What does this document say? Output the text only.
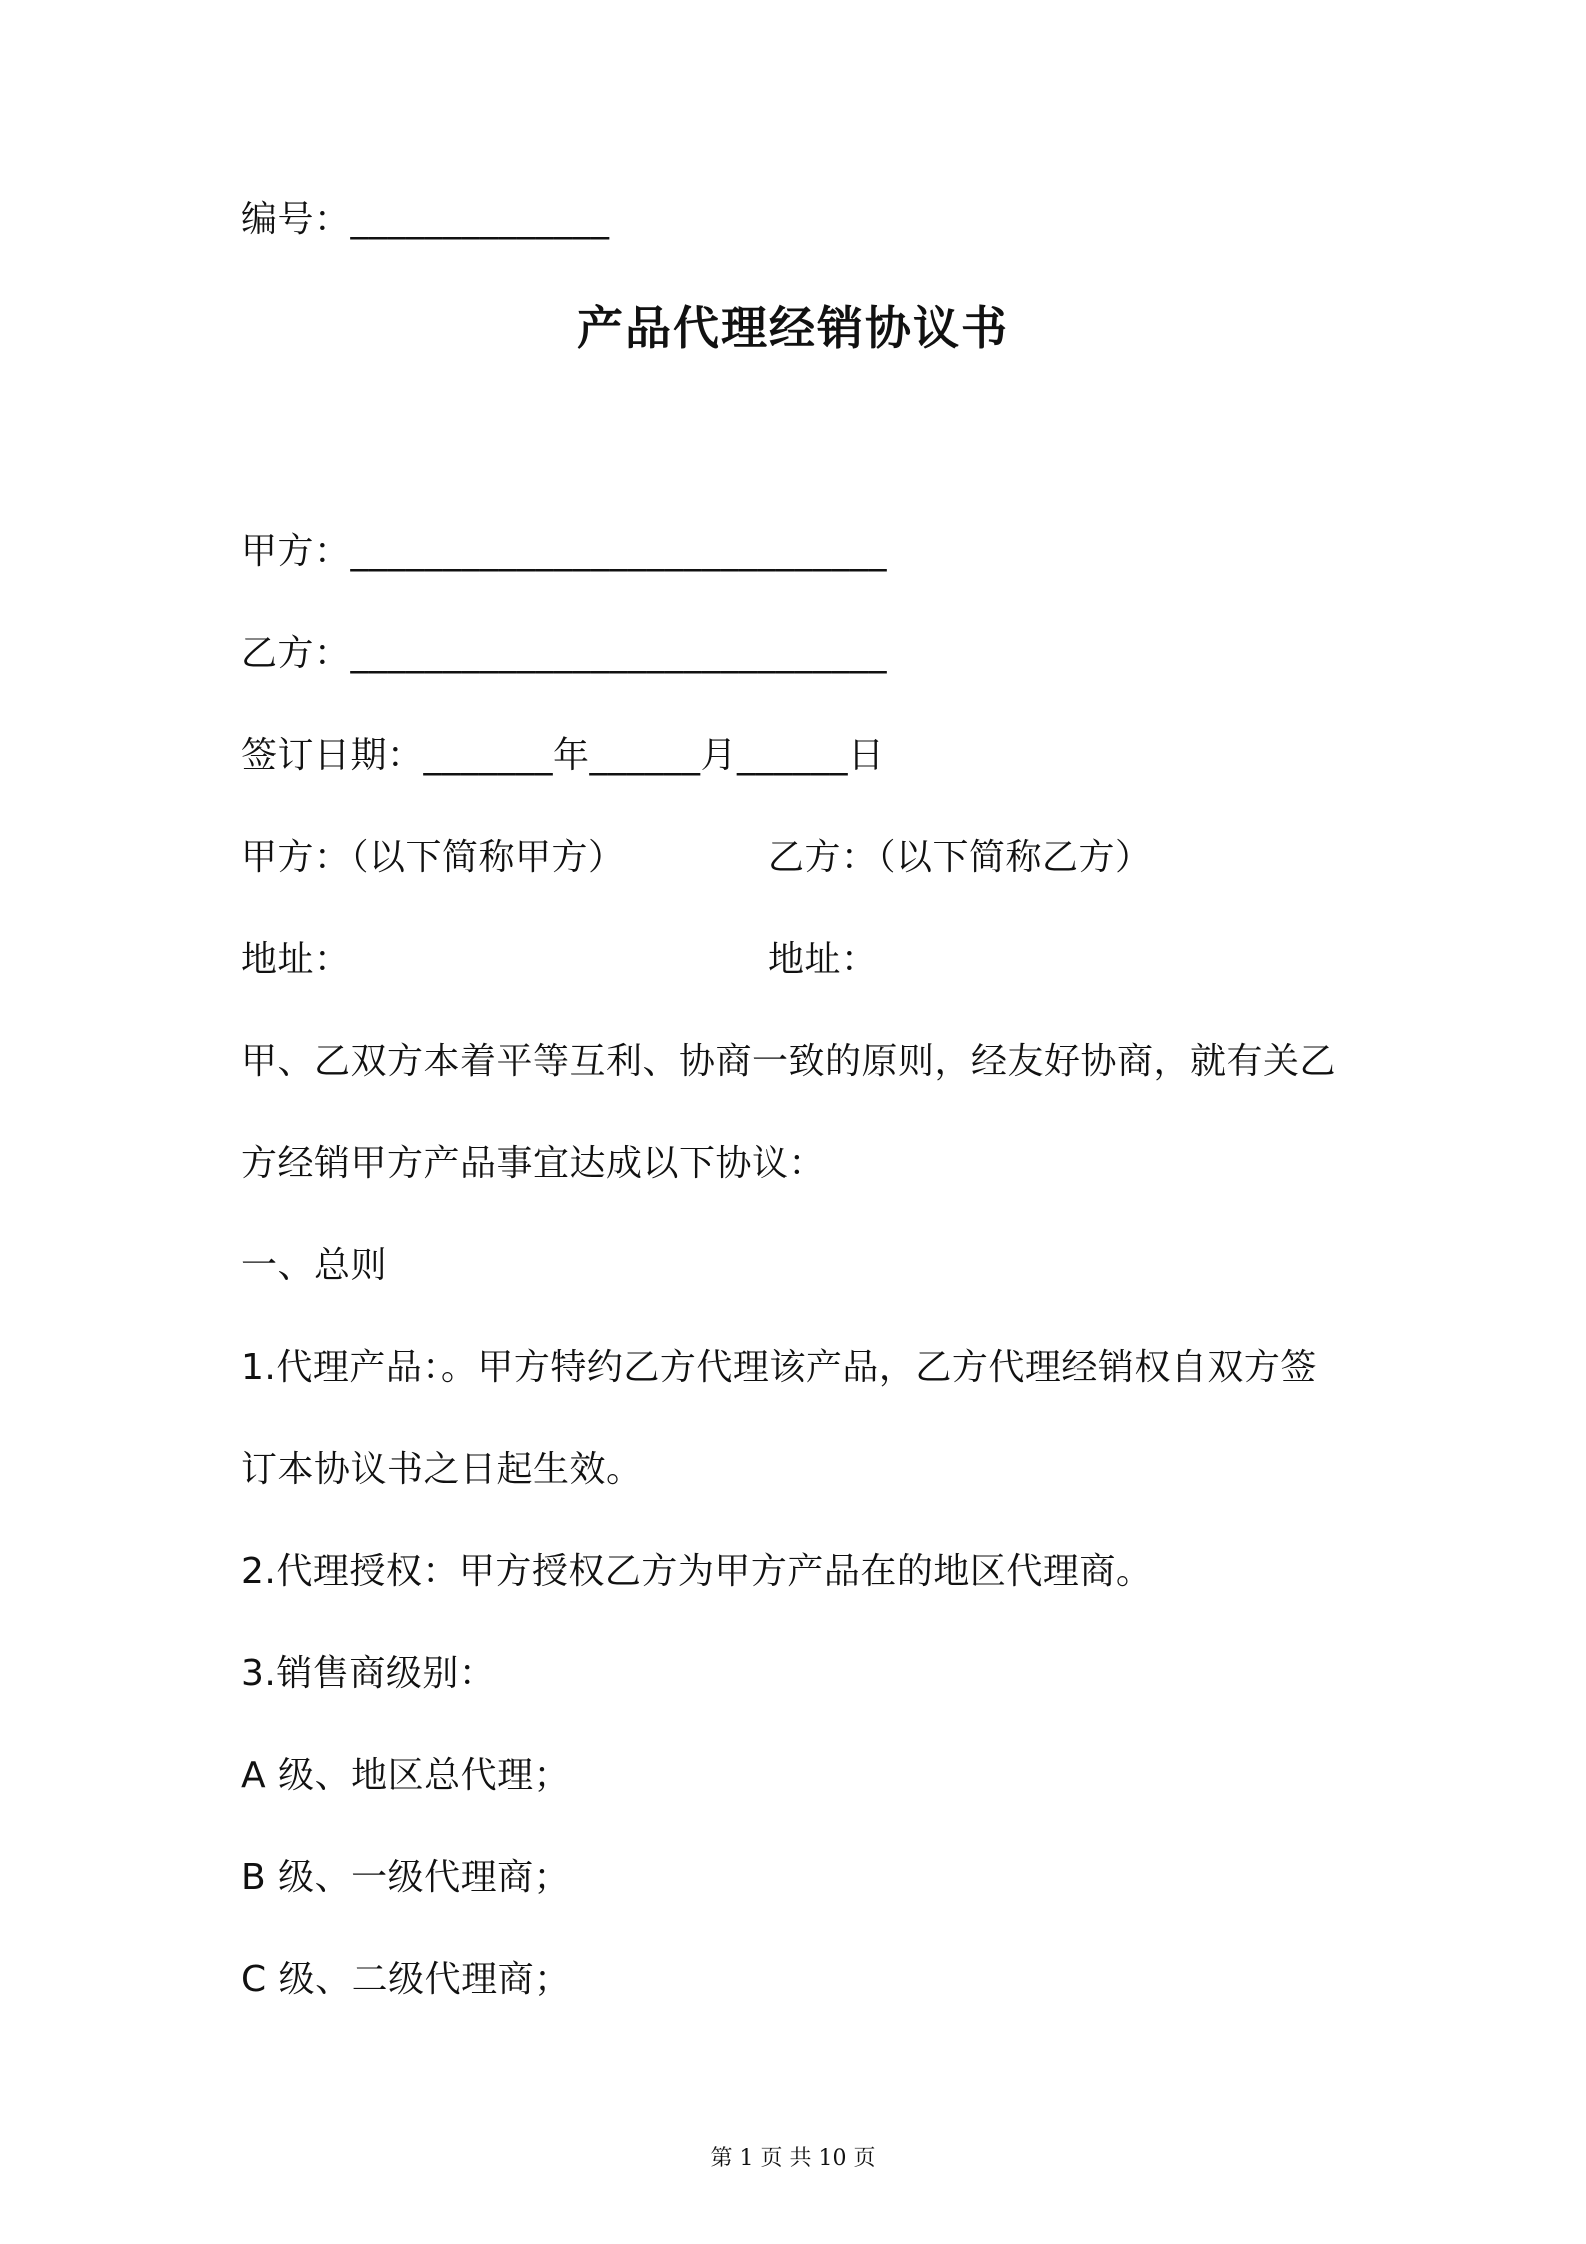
编号：______________
产品代理经销协议书
甲方：_____________________________
乙方：_____________________________
签订日期：_______年______月______日
甲方：（以下简称甲方）	乙方：（以下简称乙方）
地址：	地址：
甲、乙双方本着平等互利、协商一致的原则，经友好协商，就有关乙
方经销甲方产品事宜达成以下协议：
一、总则
1.代理产品：。甲方特约乙方代理该产品，乙方代理经销权自双方签
订本协议书之日起生效。
2.代理授权：甲方授权乙方为甲方产品在的地区代理商。
3.销售商级别：
A 级、地区总代理；
B 级、一级代理商；
C 级、二级代理商；
第 1 页 共 10 页
